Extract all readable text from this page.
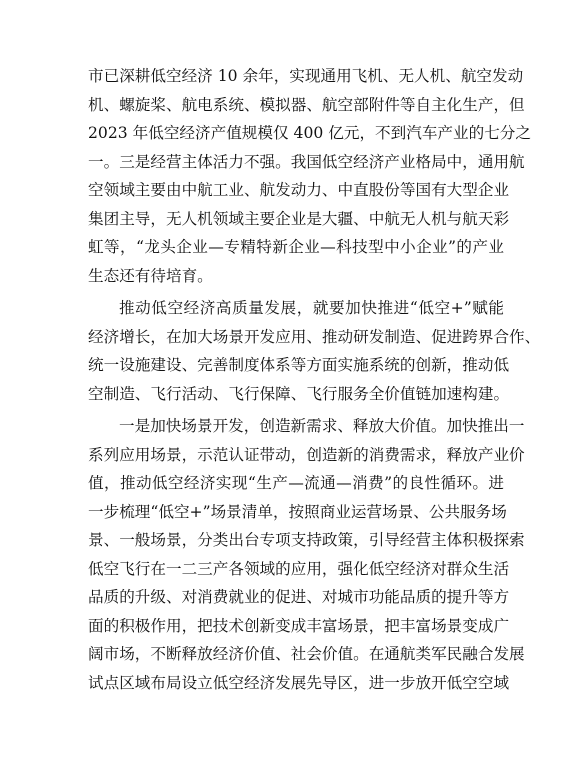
市已深耕低空经济 10 余年，实现通用飞机、无人机、航空发动
机、螺旋桨、航电系统、模拟器、航空部附件等自主化生产，但
2023 年低空经济产值规模仅 400 亿元，不到汽车产业的七分之
一。三是经营主体活力不强。我国低空经济产业格局中，通用航
空领域主要由中航工业、航发动力、中直股份等国有大型企业
集团主导，无人机领域主要企业是大疆、中航无人机与航天彩
虹等，“龙头企业—专精特新企业—科技型中小企业”的产业
生态还有待培育。
推动低空经济高质量发展，就要加快推进“低空+”赋能
经济增长，在加大场景开发应用、推动研发制造、促进跨界合作、
统一设施建设、完善制度体系等方面实施系统的创新，推动低
空制造、飞行活动、飞行保障、飞行服务全价值链加速构建。
一是加快场景开发，创造新需求、释放大价值。加快推出一
系列应用场景，示范认证带动，创造新的消费需求，释放产业价
值，推动低空经济实现“生产—流通—消费”的良性循环。进
一步梳理“低空+”场景清单，按照商业运营场景、公共服务场
景、一般场景，分类出台专项支持政策，引导经营主体积极探索
低空飞行在一二三产各领域的应用，强化低空经济对群众生活
品质的升级、对消费就业的促进、对城市功能品质的提升等方
面的积极作用，把技术创新变成丰富场景，把丰富场景变成广
阔市场，不断释放经济价值、社会价值。在通航类军民融合发展
试点区域布局设立低空经济发展先导区，进一步放开低空空域
